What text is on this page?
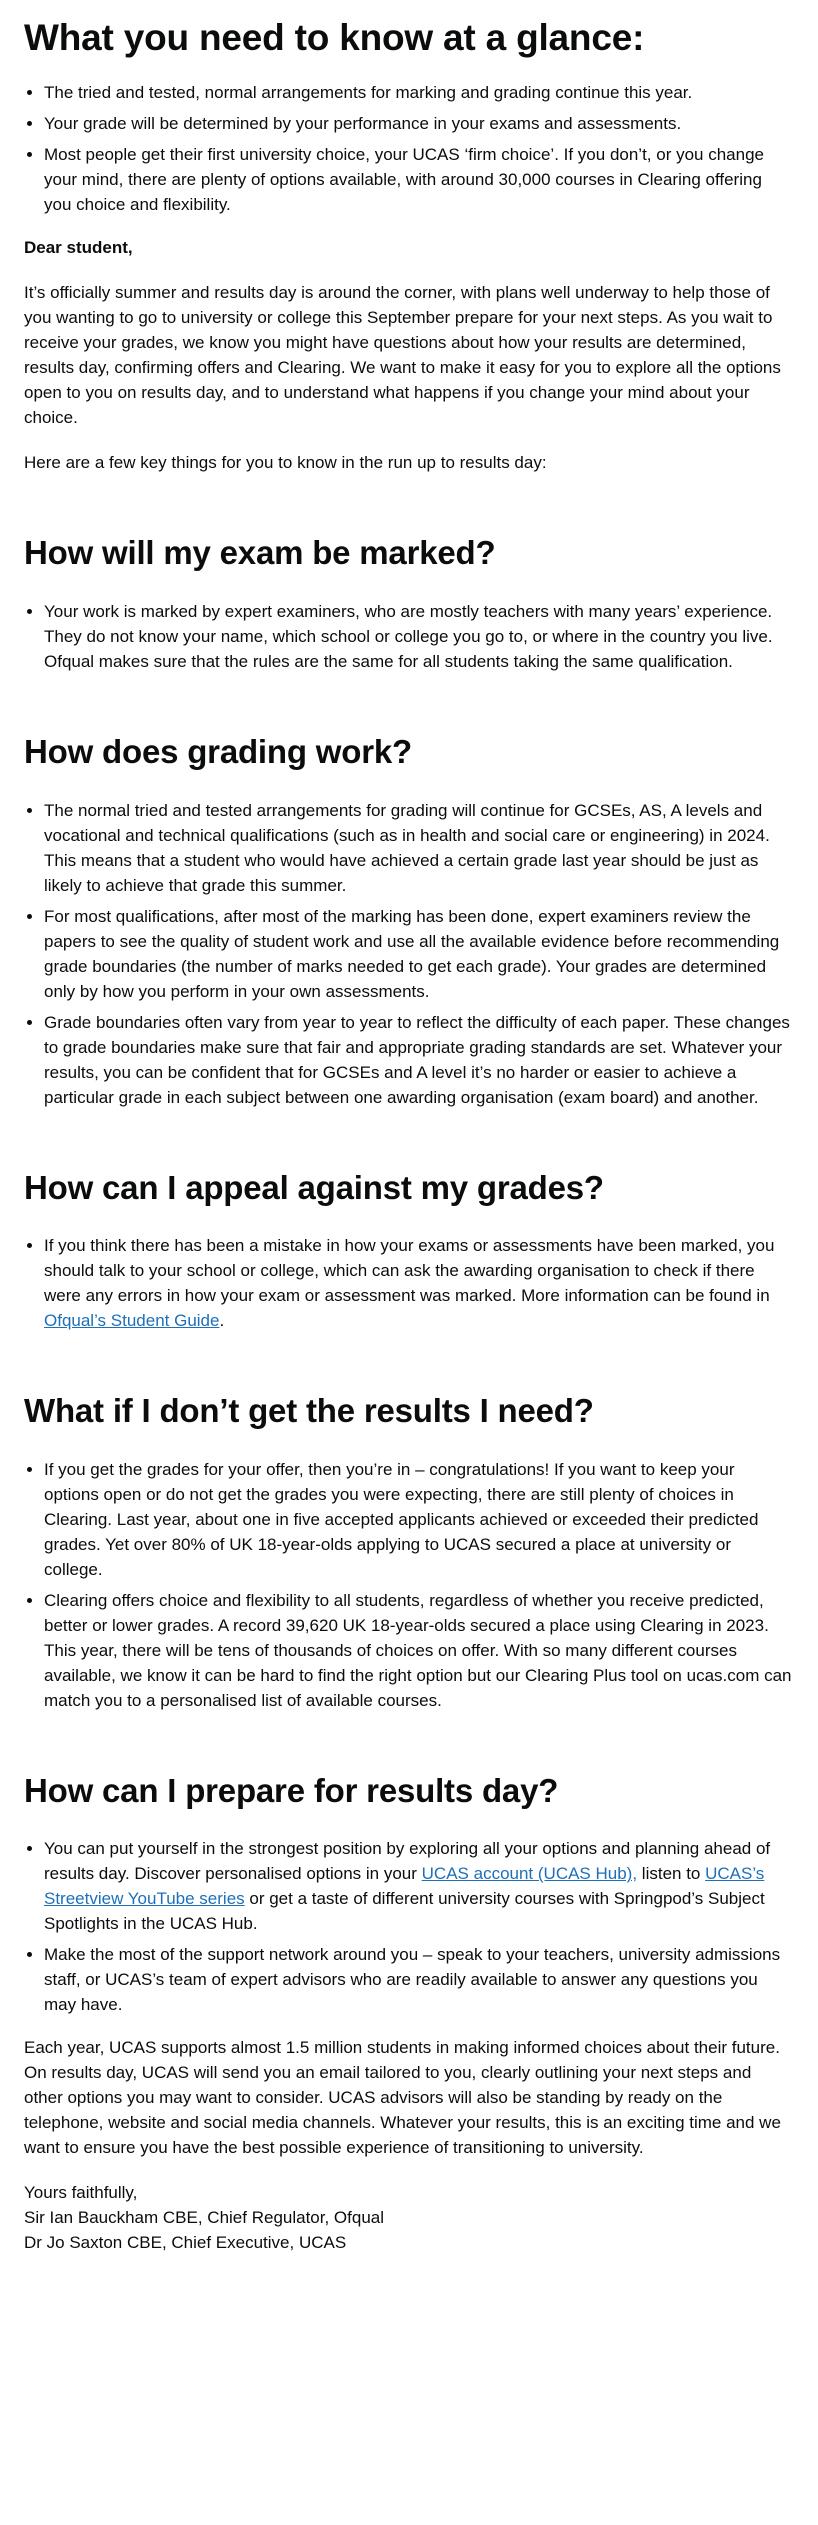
What you need to know at a glance:
• The tried and tested, normal arrangements for marking and grading continue this year.
• Your grade will be determined by your performance in your exams and assessments.
• Most people get their first university choice, your UCAS ‘firm choice’. If you don’t, or you change your mind, there are plenty of options available, with around 30,000 courses in Clearing offering you choice and flexibility.

Dear student,

It’s officially summer and results day is around the corner, with plans well underway to help those of you wanting to go to university or college this September prepare for your next steps. As you wait to receive your grades, we know you might have questions about how your results are determined, results day, confirming offers and Clearing. We want to make it easy for you to explore all the options open to you on results day, and to understand what happens if you change your mind about your choice.

Here are a few key things for you to know in the run up to results day:

How will my exam be marked?
• Your work is marked by expert examiners, who are mostly teachers with many years’ experience. They do not know your name, which school or college you go to, or where in the country you live. Ofqual makes sure that the rules are the same for all students taking the same qualification.
How does grading work?
• The normal tried and tested arrangements for grading will continue for GCSEs, AS, A levels and vocational and technical qualifications (such as in health and social care or engineering) in 2024. This means that a student who would have achieved a certain grade last year should be just as likely to achieve that grade this summer.
• For most qualifications, after most of the marking has been done, expert examiners review the papers to see the quality of student work and use all the available evidence before recommending grade boundaries (the number of marks needed to get each grade). Your grades are determined only by how you perform in your own assessments.
• Grade boundaries often vary from year to year to reflect the difficulty of each paper. These changes to grade boundaries make sure that fair and appropriate grading standards are set. Whatever your results, you can be confident that for GCSEs and A level it’s no harder or easier to achieve a particular grade in each subject between one awarding organisation (exam board) and another.
How can I appeal against my grades?
• If you think there has been a mistake in how your exams or assessments have been marked, you should talk to your school or college, which can ask the awarding organisation to check if there were any errors in how your exam or assessment was marked. More information can be found in Ofqual’s Student Guide.
What if I don’t get the results I need?
• If you get the grades for your offer, then you’re in – congratulations! If you want to keep your options open or do not get the grades you were expecting, there are still plenty of choices in Clearing. Last year, about one in five accepted applicants achieved or exceeded their predicted grades. Yet over 80% of UK 18-year-olds applying to UCAS secured a place at university or college.
• Clearing offers choice and flexibility to all students, regardless of whether you receive predicted, better or lower grades. A record 39,620 UK 18-year-olds secured a place using Clearing in 2023. This year, there will be tens of thousands of choices on offer. With so many different courses available, we know it can be hard to find the right option but our Clearing Plus tool on ucas.com can match you to a personalised list of available courses.
How can I prepare for results day?
• You can put yourself in the strongest position by exploring all your options and planning ahead of results day. Discover personalised options in your UCAS account (UCAS Hub), listen to UCAS’s Streetview YouTube series or get a taste of different university courses with Springpod’s Subject Spotlights in the UCAS Hub.
• Make the most of the support network around you – speak to your teachers, university admissions staff, or UCAS’s team of expert advisors who are readily available to answer any questions you may have.

Each year, UCAS supports almost 1.5 million students in making informed choices about their future. On results day, UCAS will send you an email tailored to you, clearly outlining your next steps and other options you may want to consider. UCAS advisors will also be standing by ready on the telephone, website and social media channels. Whatever your results, this is an exciting time and we want to ensure you have the best possible experience of transitioning to university.

Yours faithfully,
Sir Ian Bauckham CBE, Chief Regulator, Ofqual
Dr Jo Saxton CBE, Chief Executive, UCAS
